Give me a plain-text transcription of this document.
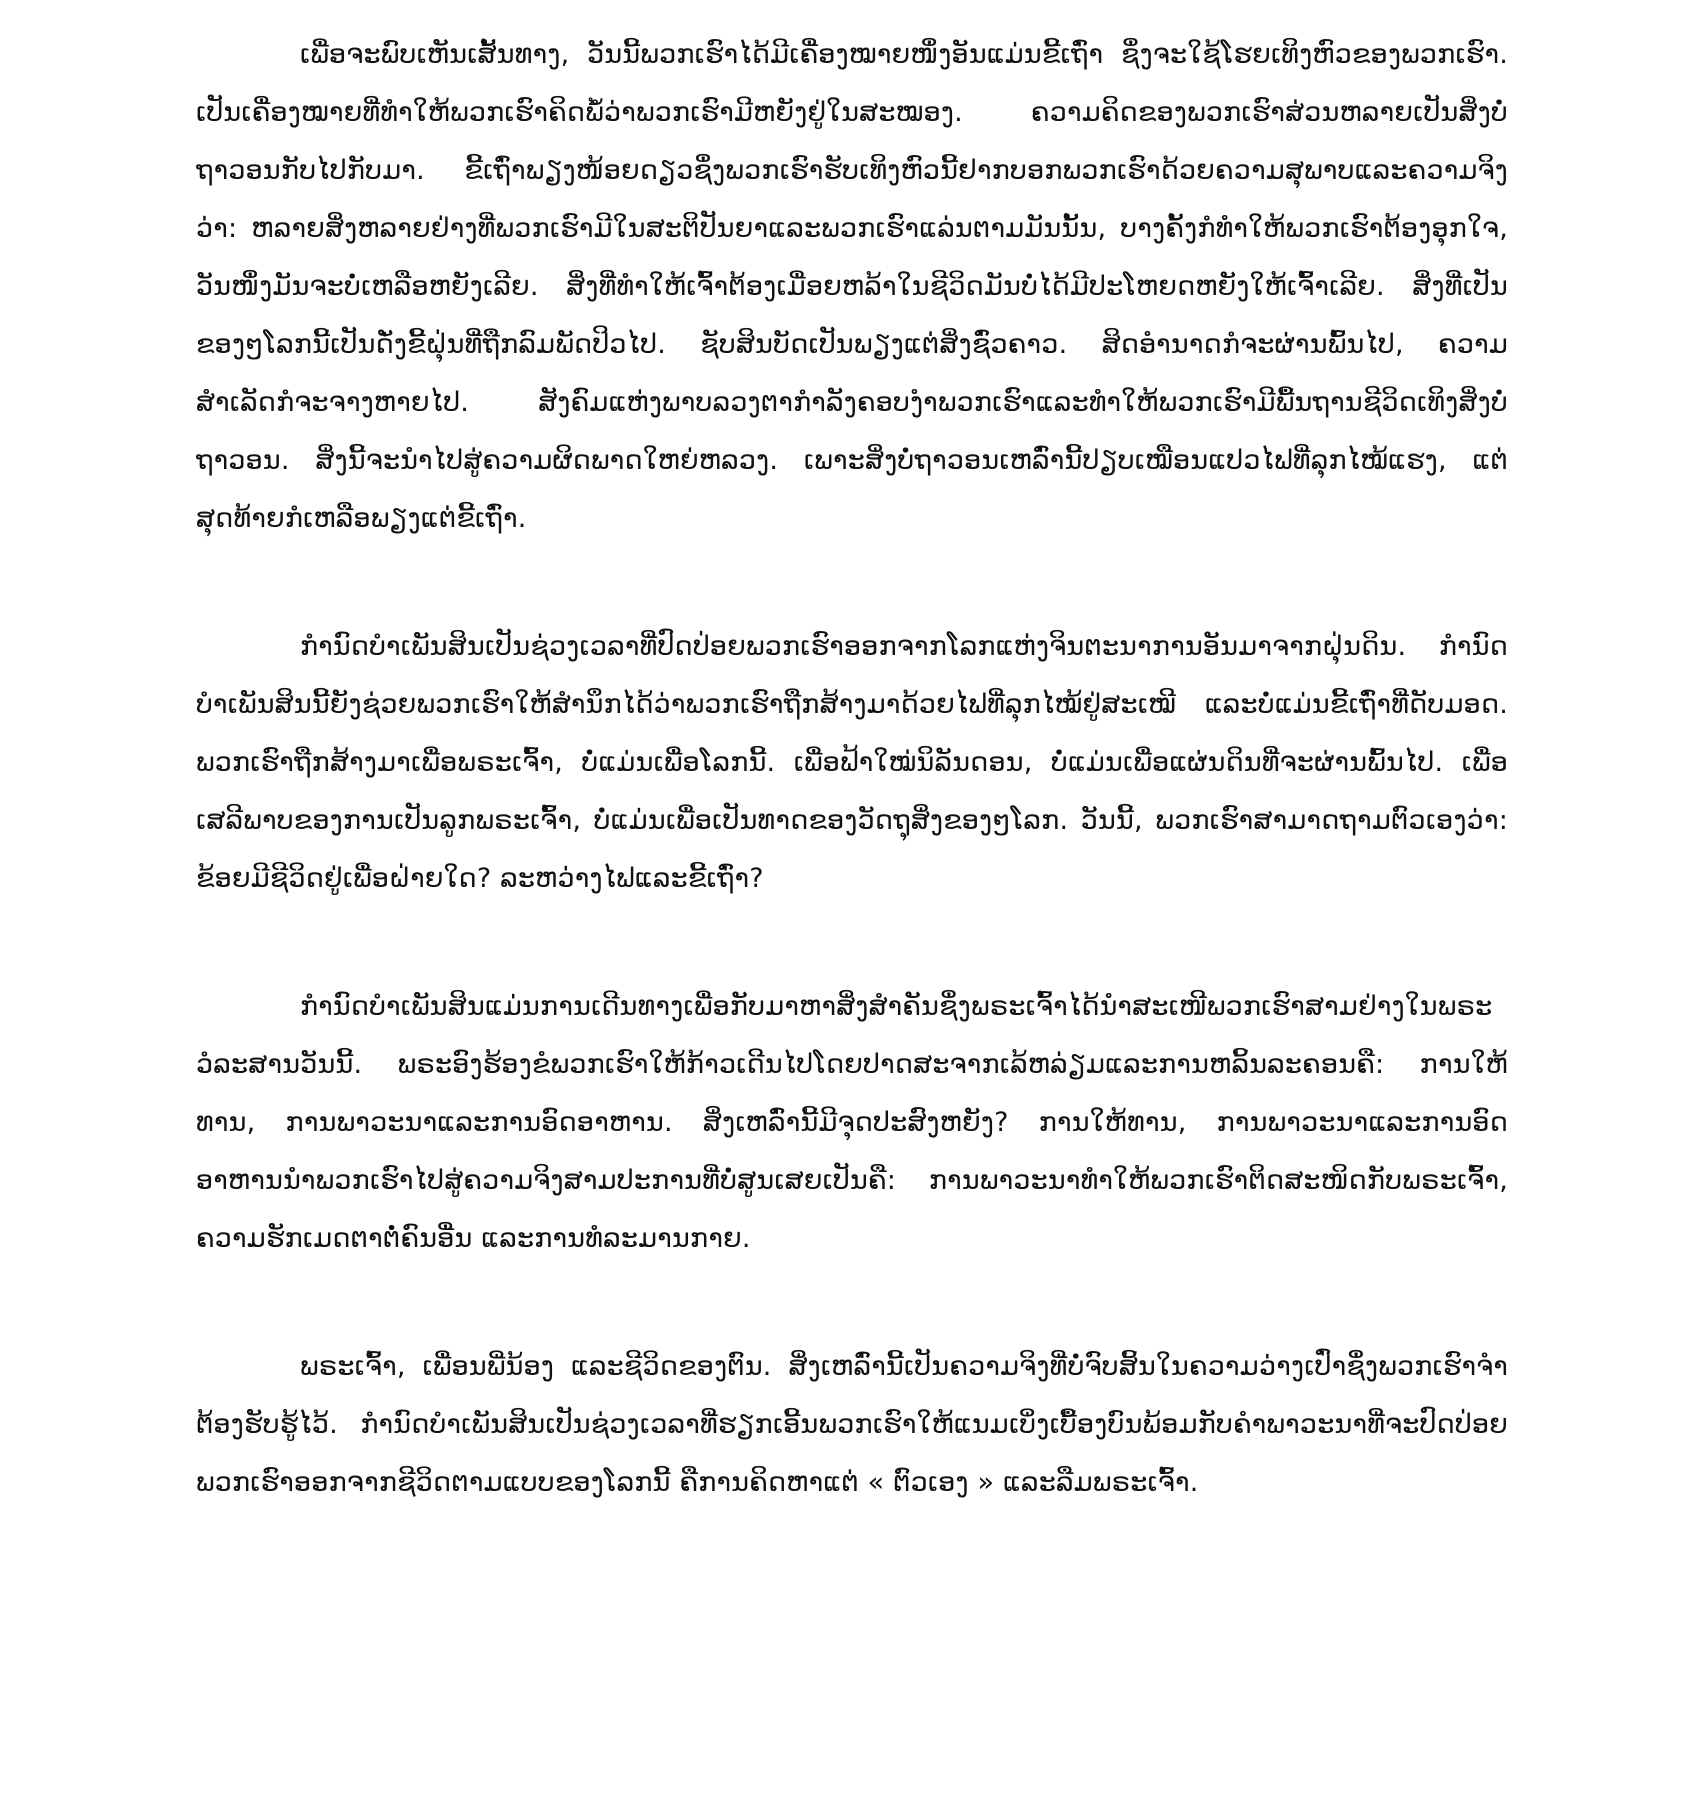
ເພື່ອຈະພົບເຫັນເສັ້ນທາງ, ວັນນີ້ພວກເຮົາໄດ້ມີເຄື່ອງໝາຍໜຶ່ງອັນແມ່ນຂີ້ເຖົ່າ ຊຶ່ງຈະໃຊ້ໂຮຍເທິງຫົວຂອງພວກເຮົາ. ເປັນເຄື່ອງໝາຍທີ່ທຳໃຫ້ພວກເຮົາຄິດພໍ້ວ່າພວກເຮົາມີຫຍັງຢູ່ໃນສະໝອງ. ຄວາມຄິດຂອງພວກເຮົາສ່ວນຫລາຍເປັນສິ່ງບໍ່ຖາວອນກັບໄປກັບມາ. ຂີ້ເຖົ່າພຽງໜ້ອຍດຽວຊຶ່ງພວກເຮົາຮັບເທິງຫົວນີ້ຢາກບອກພວກເຮົາດ້ວຍຄວາມສຸພາບແລະຄວາມຈິງວ່າ: ຫລາຍສິ່ງຫລາຍຢ່າງທີ່ພວກເຮົາມີໃນສະຕິປັນຍາແລະພວກເຮົາແລ່ນຕາມມັນນັ້ນ, ບາງຄັ້ງກໍທຳໃຫ້ພວກເຮົາຕ້ອງອຸກໃຈ, ວັນໜຶ່ງມັນຈະບໍ່ເຫລືອຫຍັງເລີຍ. ສິ່ງທີ່ທຳໃຫ້ເຈົ້າຕ້ອງເມື່ອຍຫລ້າໃນຊີວິດມັນບໍ່ໄດ້ມີປະໂຫຍດຫຍັງໃຫ້ເຈົ້າເລີຍ. ສິ່ງທີ່ເປັນຂອງໆໂລກນີ້ເປັນດັ່ງຂີ້ຝຸ່ນທີ່ຖືກລົມພັດປິວໄປ. ຊັບສິນບັດເປັນພຽງແຕ່ສິ່ງຊົ່ວຄາວ. ສິດອຳນາດກໍຈະຜ່ານພົ້ນໄປ, ຄວາມສຳເລັດກໍຈະຈາງຫາຍໄປ. ສັງຄົມແຫ່ງພາບລວງຕາກຳລັງຄອບງຳພວກເຮົາແລະທຳໃຫ້ພວກເຮົາມີພື້ນຖານຊີວິດເທິງສິ່ງບໍ່ຖາວອນ. ສິ່ງນີ້ຈະນຳໄປສູ່ຄວາມຜິດພາດໃຫຍ່ຫລວງ. ເພາະສິ່ງບໍ່ຖາວອນເຫລົ່ານີ້ປຽບເໝືອນແປວໄຟທີ່ລຸກໄໝ້ແຮງ, ແຕ່ສຸດທ້າຍກໍເຫລືອພຽງແຕ່ຂີ້ເຖົ່າ.

ກຳນົດບຳເພັນສິນເປັນຊ່ວງເວລາທີ່ປົດປ່ອຍພວກເຮົາອອກຈາກໂລກແຫ່ງຈິນຕະນາການອັນມາຈາກຝຸ່ນດິນ. ກຳນົດບຳເພັນສິນນີ້ຍັງຊ່ວຍພວກເຮົາໃຫ້ສຳນຶກໄດ້ວ່າພວກເຮົາຖືກສ້າງມາດ້ວຍໄຟທີ່ລຸກໄໝ້ຢູ່ສະເໝີ ແລະບໍ່ແມ່ນຂີ້ເຖົ່າທີ່ດັບມອດ. ພວກເຮົາຖືກສ້າງມາເພື່ອພຣະເຈົ້າ, ບໍ່ແມ່ນເພື່ອໂລກນີ້. ເພື່ອຟ້າໃໝ່ນິລັນດອນ, ບໍ່ແມ່ນເພື່ອແຜ່ນດິນທີ່ຈະຜ່ານພົ້ນໄປ. ເພື່ອເສລີພາບຂອງການເປັນລູກພຣະເຈົ້າ, ບໍ່ແມ່ນເພື່ອເປັນທາດຂອງວັດຖຸສິ່ງຂອງໆໂລກ. ວັນນີ້, ພວກເຮົາສາມາດຖາມຕົວເອງວ່າ: ຂ້ອຍມີຊີວິດຢູ່ເພື່ອຝ່າຍໃດ? ລະຫວ່າງໄຟແລະຂີ້ເຖົ່າ?

ກຳນົດບຳເພັນສິນແມ່ນການເດີນທາງເພື່ອກັບມາຫາສິ່ງສຳຄັນຊຶ່ງພຣະເຈົ້າໄດ້ນຳສະເໜີພວກເຮົາສາມຢ່າງໃນພຣະວໍລະສານວັນນີ້. ພຣະອົງຮ້ອງຂໍພວກເຮົາໃຫ້ກ້າວເດີນໄປໂດຍປາດສະຈາກເລ້ຫລ່ຽມແລະການຫລິ້ນລະຄອນຄື: ການໃຫ້ທານ, ການພາວະນາແລະການອົດອາຫານ. ສິ່ງເຫລົ່ານີ້ມີຈຸດປະສົງຫຍັງ? ການໃຫ້ທານ, ການພາວະນາແລະການອົດອາຫານນຳພວກເຮົາໄປສູ່ຄວາມຈິງສາມປະການທີ່ບໍ່ສູນເສຍເປັນຄື: ການພາວະນາທຳໃຫ້ພວກເຮົາຕິດສະໜິດກັບພຣະເຈົ້າ, ຄວາມຮັກເມດຕາຕໍ່ຄົນອື່ນ ແລະການທໍລະມານກາຍ.

ພຣະເຈົ້າ, ເພື່ອນພີ່ນ້ອງ ແລະຊີວິດຂອງຕົນ. ສິ່ງເຫລົ່ານີ້ເປັນຄວາມຈິງທີ່ບໍ່ຈົບສິ້ນໃນຄວາມວ່າງເປົ່າຊຶ່ງພວກເຮົາຈຳຕ້ອງຮັບຮູ້ໄວ້. ກຳນົດບຳເພັນສິນເປັນຊ່ວງເວລາທີ່ຮຽກເອີ້ນພວກເຮົາໃຫ້ແນມເບິ່ງເບື້ອງບົນພ້ອມກັບຄຳພາວະນາທີ່ຈະປົດປ່ອຍພວກເຮົາອອກຈາກຊີວິດຕາມແບບຂອງໂລກນີ້ ຄືການຄິດຫາແຕ່ « ຕົວເອງ » ແລະລືມພຣະເຈົ້າ.
